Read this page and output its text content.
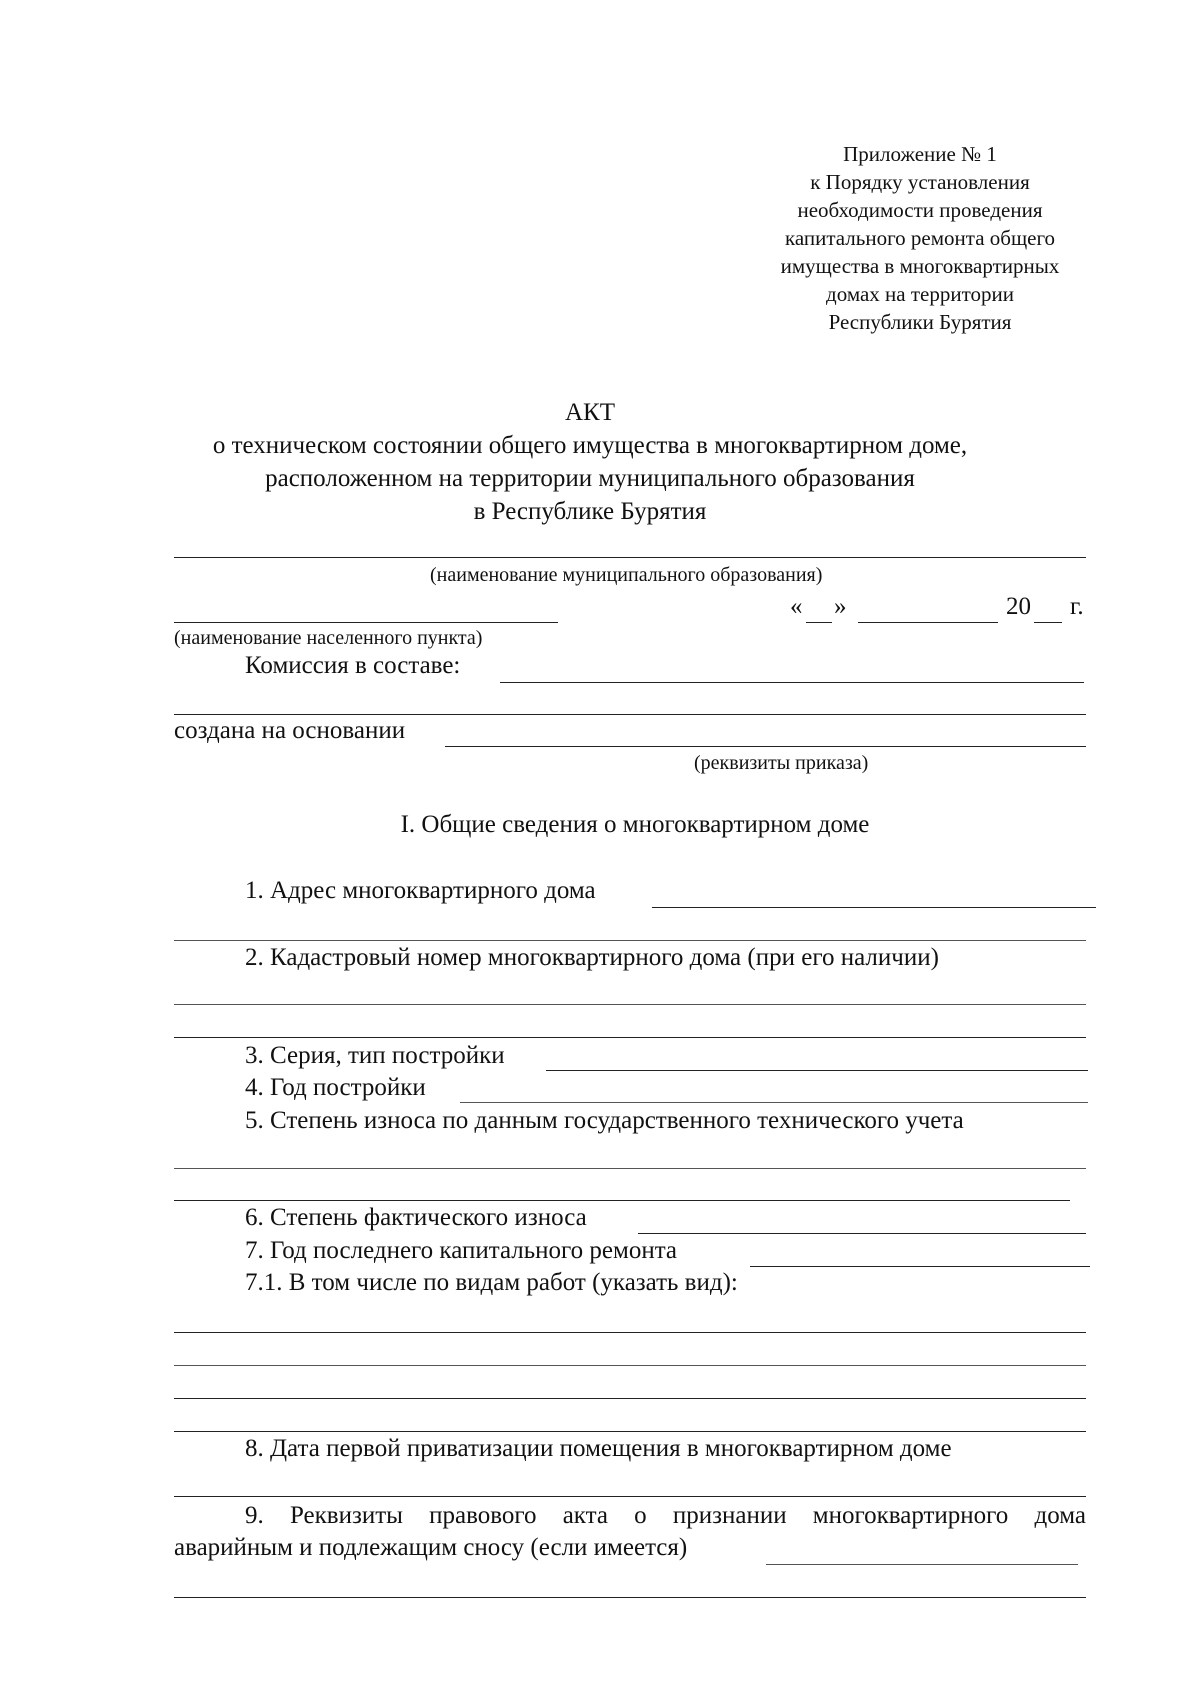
Приложение № 1
к Порядку установления
необходимости проведения
капитального ремонта общего
имущества в многоквартирных
домах на территории
Республики Бурятия
АКТ
о техническом состоянии общего имущества в многоквартирном доме,
расположенном на территории муниципального образования
в Республике Бурятия
(наименование муниципального образования)
« »	20 г.
(наименование населенного пункта)
Комиссия в составе:
создана на основании
(реквизиты приказа)
I. Общие сведения о многоквартирном доме
1. Адрес многоквартирного дома
2. Кадастровый номер многоквартирного дома (при его наличии)
3. Серия, тип постройки
4. Год постройки
5. Степень износа по данным государственного технического учета
6. Степень фактического износа
7. Год последнего капитального ремонта
7.1. В том числе по видам работ (указать вид):
8. Дата первой приватизации помещения в многоквартирном доме
9. Реквизиты правового акта о признании многоквартирного дома
аварийным и подлежащим сносу (если имеется)
